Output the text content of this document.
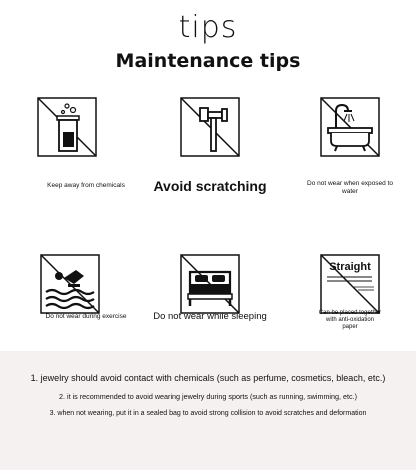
tips
Maintenance tips
Keep away from chemicals	Avoid scratching	Do not wear when exposed to water
Do not wear during exercise	Do not wear while sleeping
Straight
Can be placed together with anti-oxidation paper
1. jewelry should avoid contact with chemicals (such as perfume, cosmetics, bleach, etc.)
2. it is recommended to avoid wearing jewelry during sports (such as running, swimming, etc.)
3. when not wearing, put it in a sealed bag to avoid strong collision to avoid scratches and deformation
